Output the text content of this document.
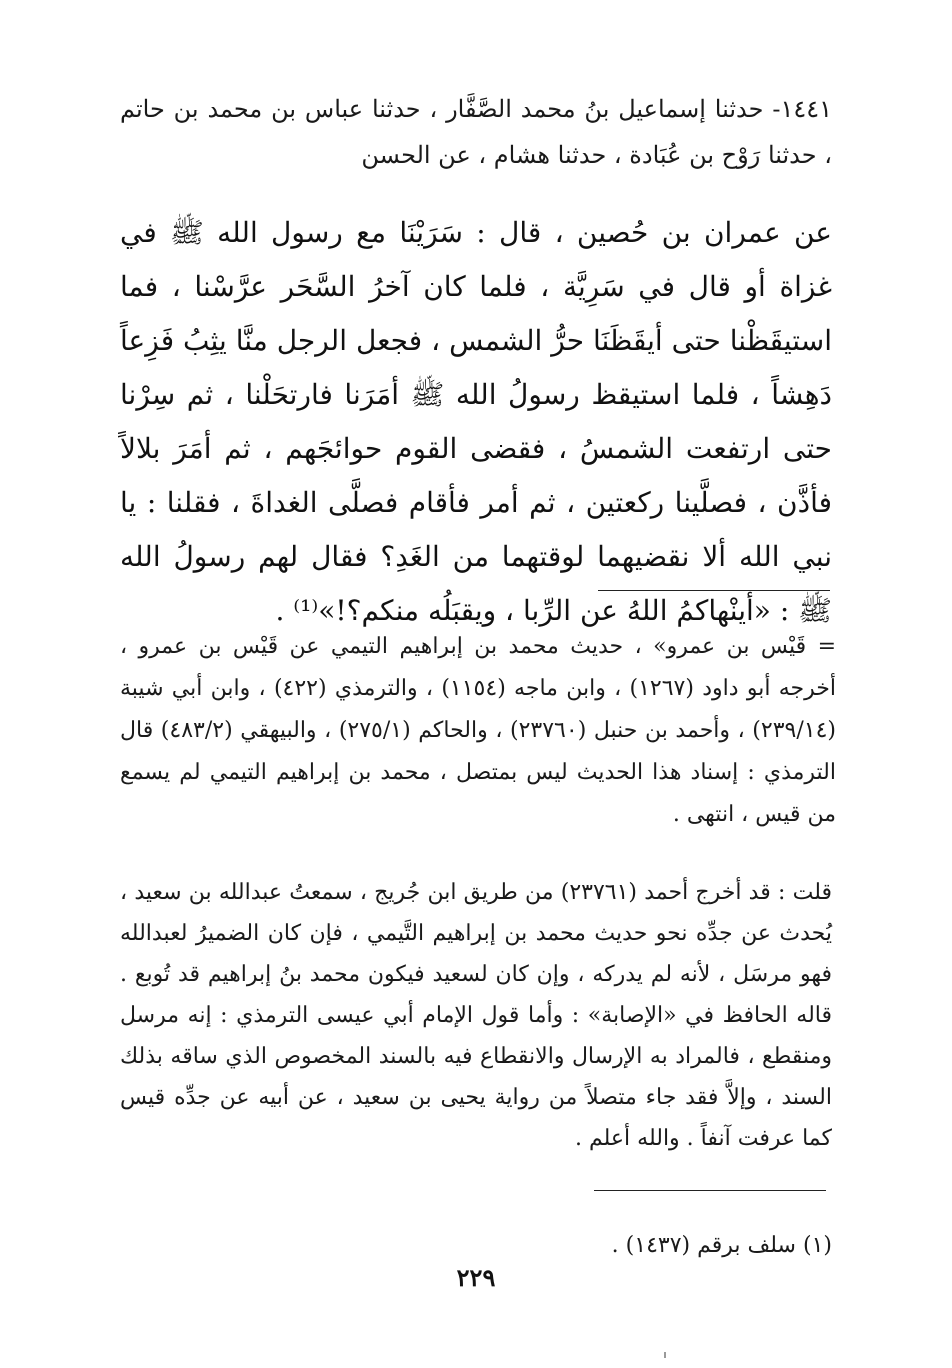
١٤٤١- حدثنا إسماعيل بنُ محمد الصَّفَّار ، حدثنا عباس بن محمد بن حاتم ، حدثنا رَوْح بن عُبَادة ، حدثنا هشام ، عن الحسن

عن عمران بن حُصين ، قال : سَرَيْنَا مع رسول الله ﷺ في غزاة أو قال في سَرِيَّة ، فلما كان آخرُ السَّحَر عرَّسْنا ، فما استيقَظْنا حتى أيقَظَنَا حرُّ الشمس ، فجعل الرجل منَّا يثِبُ فَزِعاً دَهِشاً ، فلما استيقظ رسولُ الله ﷺ أمَرَنا فارتحَلْنا ، ثم سِرْنا حتى ارتفعت الشمسُ ، فقضى القوم حوائجَهم ، ثم أمَرَ بلالاً فأذَّن ، فصلَّينا ركعتين ، ثم أمر فأقام فصلَّى الغداةَ ، فقلنا : يا نبي الله ألا نقضيهما لوقتهما من الغَدِ؟ فقال لهم رسولُ الله ﷺ : «أينْهاكمُ اللهُ عن الرِّبا ، ويقبَلُه منكم؟!»⁽¹⁾ .

= قَيْس بن عمرو» ، حديث محمد بن إبراهيم التيمي عن قَيْس بن عمرو ، أخرجه أبو داود (١٢٦٧) ، وابن ماجه (١١٥٤) ، والترمذي (٤٢٢) ، وابن أبي شيبة (٢٣٩/١٤) ، وأحمد بن حنبل (٢٣٧٦٠) ، والحاكم (٢٧٥/١) ، والبيهقي (٤٨٣/٢) قال الترمذي : إسناد هذا الحديث ليس بمتصل ، محمد بن إبراهيم التيمي لم يسمع من قيس ، انتهى .

قلت : قد أخرج أحمد (٢٣٧٦١) من طريق ابن جُريج ، سمعتُ عبدالله بن سعيد ، يُحدث عن جدِّه نحو حديث محمد بن إبراهيم التَّيمي ، فإن كان الضميرُ لعبدالله فهو مرسَل ، لأنه لم يدركه ، وإن كان لسعيد فيكون محمد بنُ إبراهيم قد تُوبع . قاله الحافظ في «الإصابة» : وأما قول الإمام أبي عيسى الترمذي : إنه مرسل ومنقطع ، فالمراد به الإرسال والانقطاع فيه بالسند المخصوص الذي ساقه بذلك السند ، وإلاَّ فقد جاء متصلاً من رواية يحيى بن سعيد ، عن أبيه عن جدِّه قيس كما عرفت آنفاً . والله أعلم .

(١) سلف برقم (١٤٣٧) .

٢٢٩
